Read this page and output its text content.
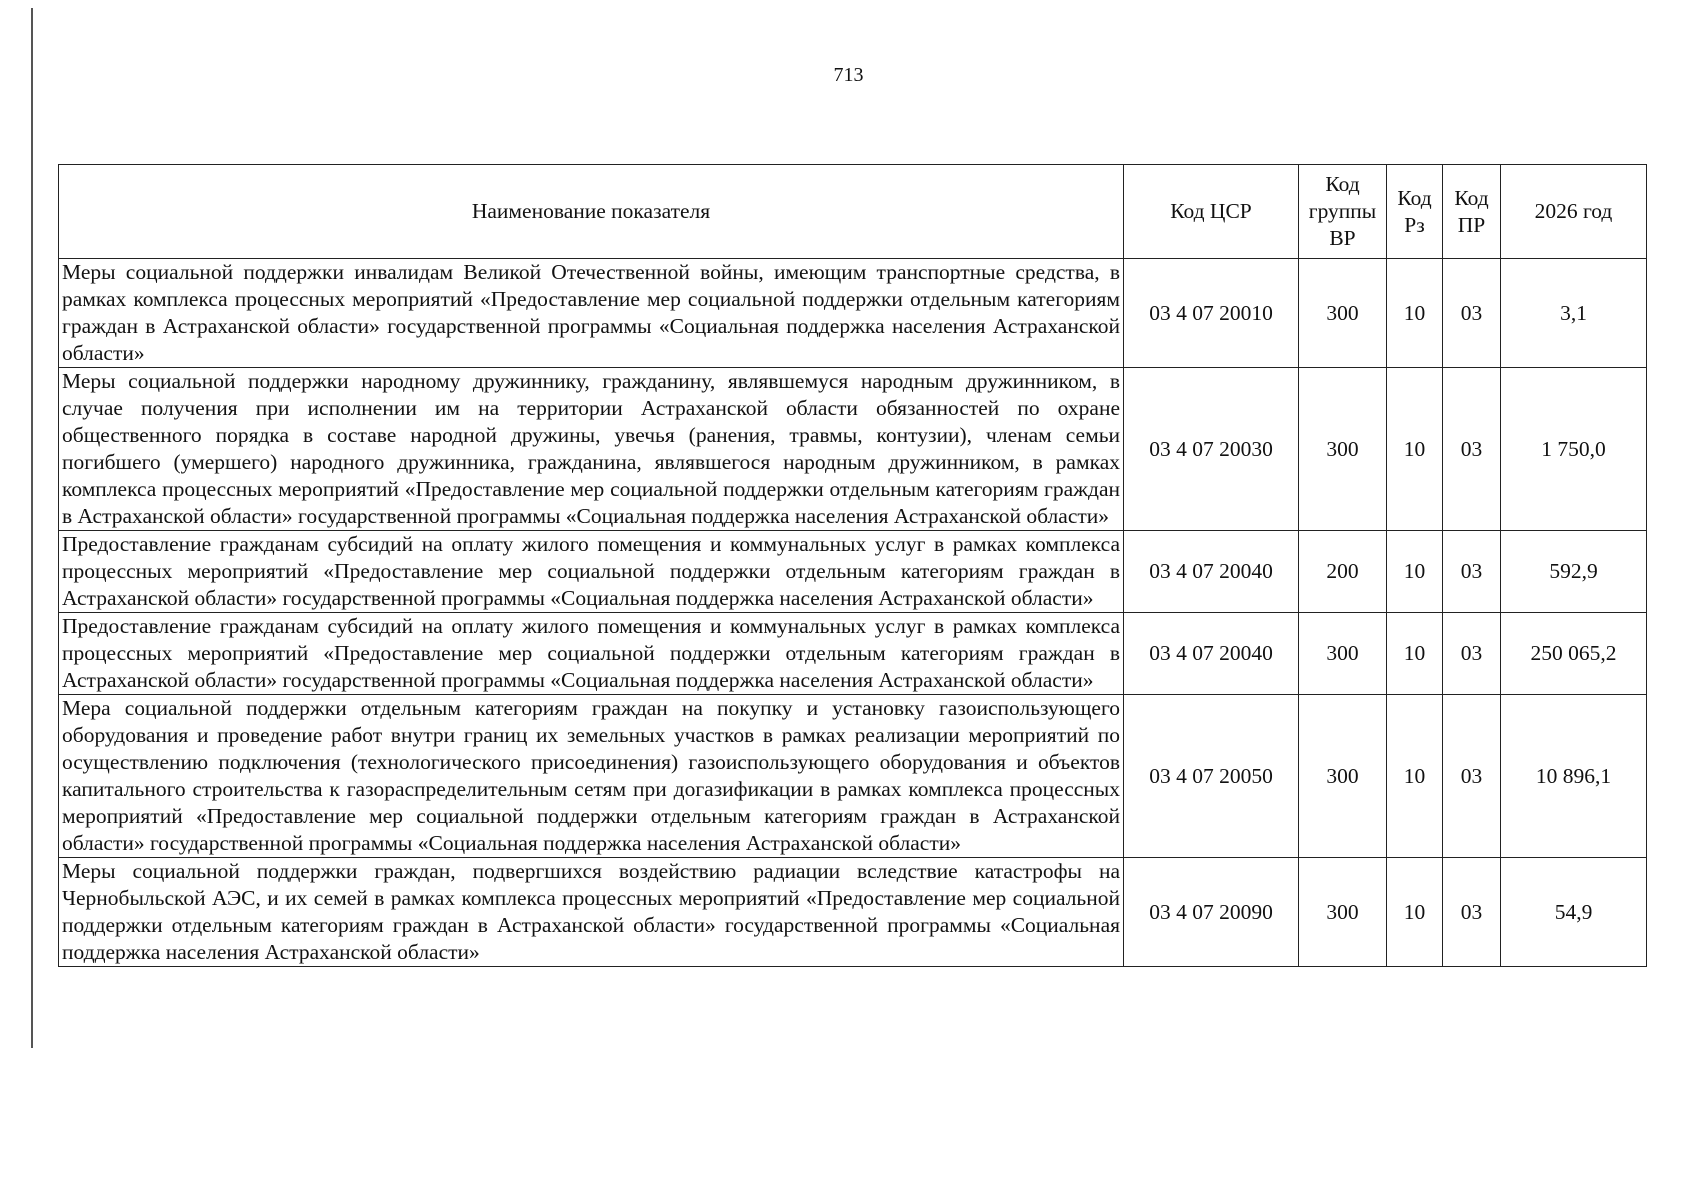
713
Наименование показателя	Код ЦСР	Код группы ВР	Код Рз	Код ПР	2026 год
Меры социальной поддержки инвалидам Великой Отечественной войны, имеющим транспортные средства, в рамках комплекса процессных мероприятий «Предоставление мер социальной поддержки отдельным категориям граждан в Астраханской области» государственной программы «Социальная поддержка населения Астраханской области»	03 4 07 20010	300	10	03	3,1
Меры социальной поддержки народному дружиннику, гражданину, являвшемуся народным дружинником, в случае получения при исполнении им на территории Астраханской области обязанностей по охране общественного порядка в составе народной дружины, увечья (ранения, травмы, контузии), членам семьи погибшего (умершего) народного дружинника, гражданина, являвшегося народным дружинником, в рамках комплекса процессных мероприятий «Предоставление мер социальной поддержки отдельным категориям граждан в Астраханской области» государственной программы «Социальная поддержка населения Астраханской области»	03 4 07 20030	300	10	03	1 750,0
Предоставление гражданам субсидий на оплату жилого помещения и коммунальных услуг в рамках комплекса процессных мероприятий «Предоставление мер социальной поддержки отдельным категориям граждан в Астраханской области» государственной программы «Социальная поддержка населения Астраханской области»	03 4 07 20040	200	10	03	592,9
Предоставление гражданам субсидий на оплату жилого помещения и коммунальных услуг в рамках комплекса процессных мероприятий «Предоставление мер социальной поддержки отдельным категориям граждан в Астраханской области» государственной программы «Социальная поддержка населения Астраханской области»	03 4 07 20040	300	10	03	250 065,2
Мера социальной поддержки отдельным категориям граждан на покупку и установку газоиспользующего оборудования и проведение работ внутри границ их земельных участков в рамках реализации мероприятий по осуществлению подключения (технологического присоединения) газоиспользующего оборудования и объектов капитального строительства к газораспределительным сетям при догазификации в рамках комплекса процессных мероприятий «Предоставление мер социальной поддержки отдельным категориям граждан в Астраханской области» государственной программы «Социальная поддержка населения Астраханской области»	03 4 07 20050	300	10	03	10 896,1
Меры социальной поддержки граждан, подвергшихся воздействию радиации вследствие катастрофы на Чернобыльской АЭС, и их семей в рамках комплекса процессных мероприятий «Предоставление мер социальной поддержки отдельным категориям граждан в Астраханской области» государственной программы «Социальная поддержка населения Астраханской области»	03 4 07 20090	300	10	03	54,9
